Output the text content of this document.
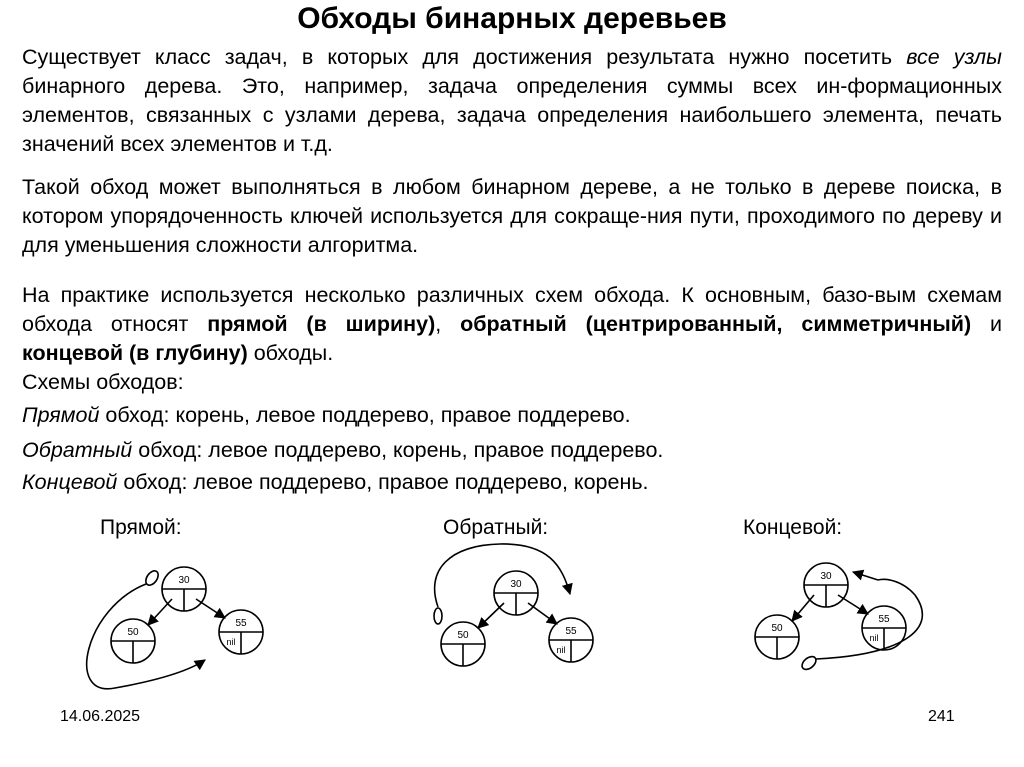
Обходы бинарных деревьев
Существует класс задач, в которых для достижения результата нужно посетить все узлы бинарного дерева. Это, например, задача определения суммы всех ин-формационных элементов, связанных с узлами дерева, задача определения наибольшего элемента, печать значений всех элементов и т.д.
Такой обход может выполняться в любом бинарном дереве, а не только в дереве поиска, в котором упорядоченность ключей используется для сокраще-ния пути, проходимого по дереву и для уменьшения сложности алгоритма.
На практике используется несколько различных схем обхода. К основным, базо-вым схемам обхода относят прямой (в ширину), обратный (центрированный, симметричный) и концевой (в глубину) обходы.
Схемы обходов:
Прямой обход: корень, левое поддерево, правое поддерево.
Обратный обход: левое поддерево, корень, правое поддерево.
Концевой обход: левое поддерево, правое поддерево, корень.
Прямой:	Обратный:	Концевой:
30
50
55
nil
30
50	55
nil
30
50
55
nil
14.06.2025	241
